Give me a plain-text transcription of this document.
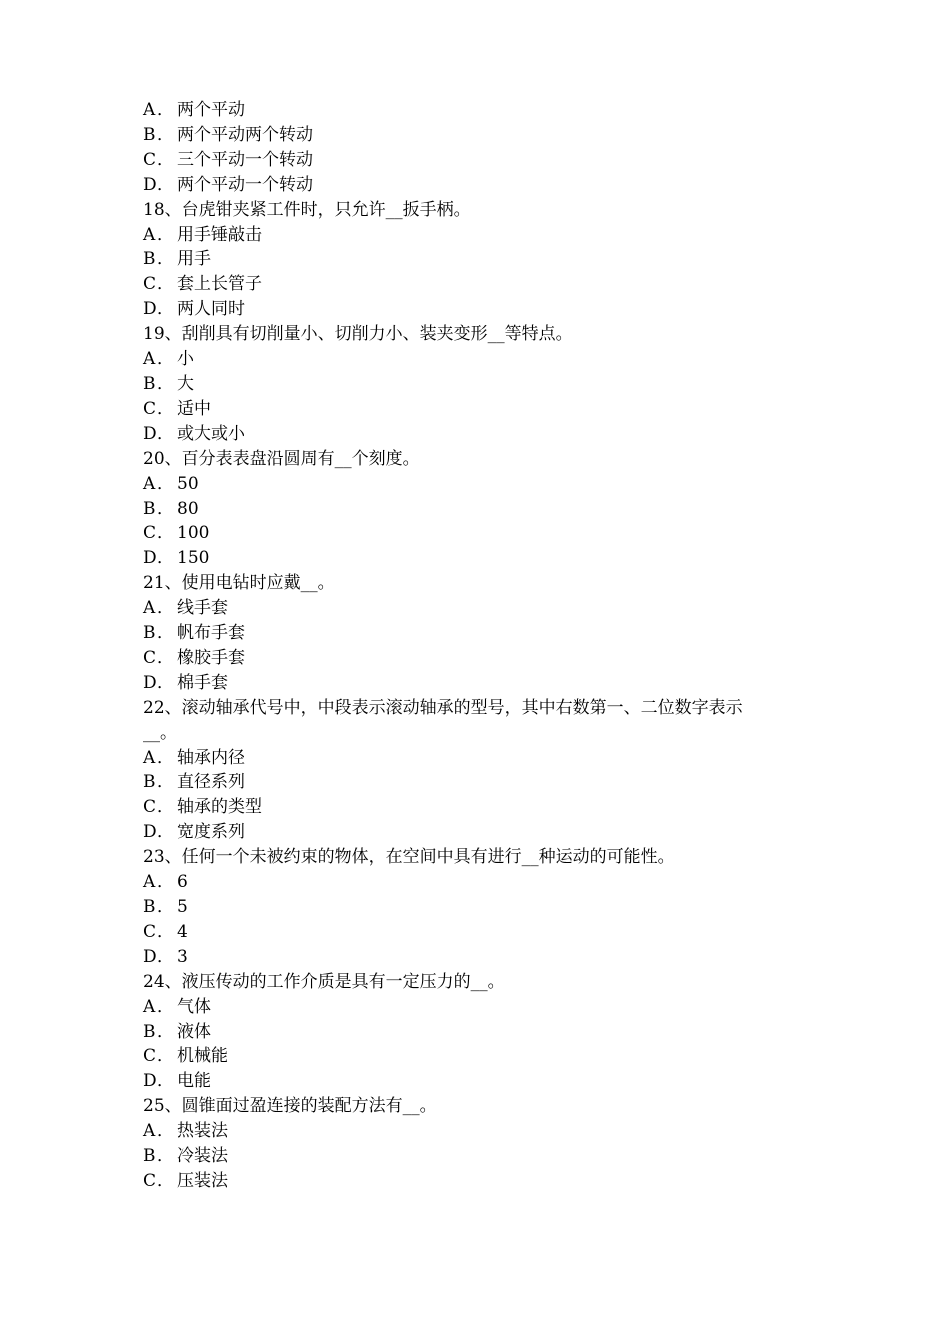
A ． 两个平动
B． 两个平动两个转动
C． 三个平动一个转动
D． 两个平动一个转动
18、台虎钳夹紧工件时，只允许__扳手柄。
A ． 用手锤敲击
B． 用手
C． 套上长管子
D． 两人同时
19、刮削具有切削量小、切削力小、装夹变形__等特点。
A ． 小
B． 大
C． 适中
D． 或大或小
20、百分表表盘沿圆周有__个刻度。
A ． 50
B． 80
C． 100
D． 150
21、使用电钻时应戴__。
A ． 线手套
B． 帆布手套
C． 橡胶手套
D． 棉手套
22、滚动轴承代号中，中段表示滚动轴承的型号，其中右数第一、二位数字表示
__。
A ． 轴承内径
B． 直径系列
C． 轴承的类型
D． 宽度系列
23、任何一个未被约束的物体，在空间中具有进行__种运动的可能性。
A ． 6
B． 5
C． 4
D． 3
24、液压传动的工作介质是具有一定压力的__。
A ． 气体
B． 液体
C． 机械能
D． 电能
25、圆锥面过盈连接的装配方法有__。
A ． 热装法
B． 冷装法
C． 压装法
